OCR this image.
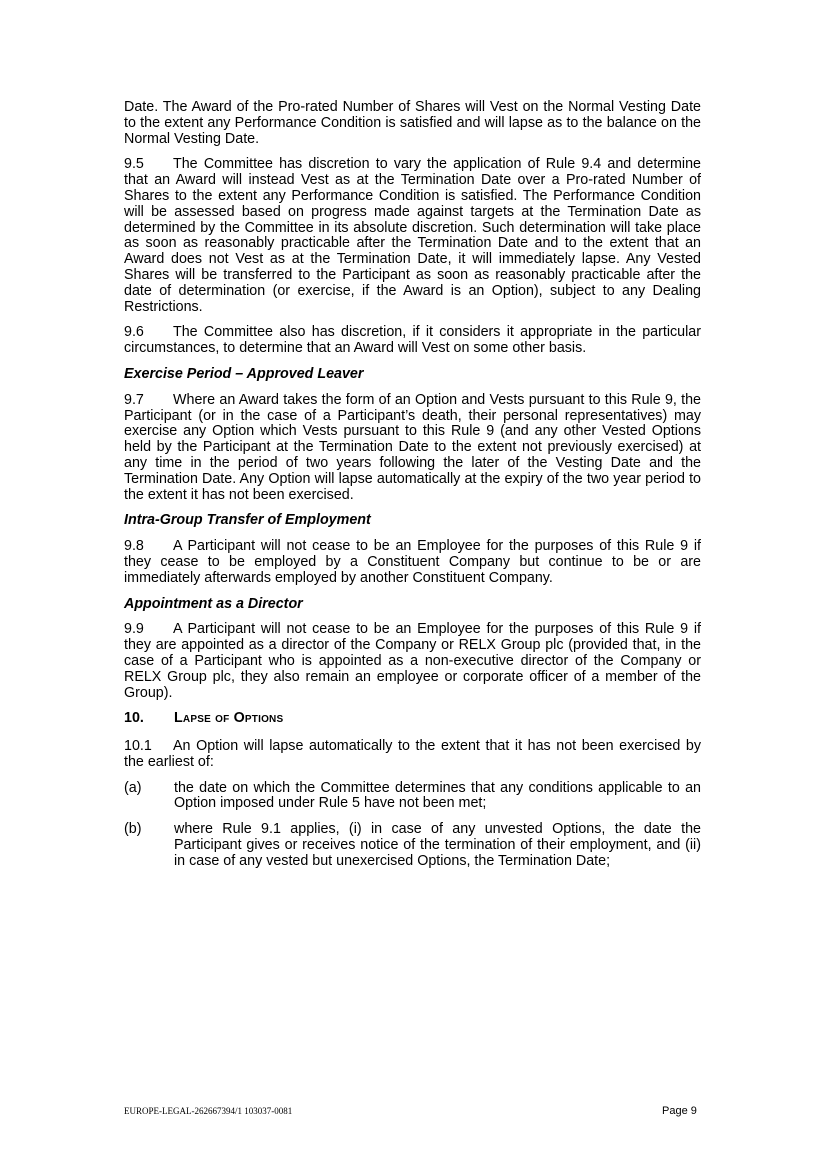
Date. The Award of the Pro-rated Number of Shares will Vest on the Normal Vesting Date to the extent any Performance Condition is satisfied and will lapse as to the balance on the Normal Vesting Date.

9.5 The Committee has discretion to vary the application of Rule 9.4 and determine that an Award will instead Vest as at the Termination Date over a Pro-rated Number of Shares to the extent any Performance Condition is satisfied. The Performance Condition will be assessed based on progress made against targets at the Termination Date as determined by the Committee in its absolute discretion. Such determination will take place as soon as reasonably practicable after the Termination Date and to the extent that an Award does not Vest as at the Termination Date, it will immediately lapse. Any Vested Shares will be transferred to the Participant as soon as reasonably practicable after the date of determination (or exercise, if the Award is an Option), subject to any Dealing Restrictions.

9.6 The Committee also has discretion, if it considers it appropriate in the particular circumstances, to determine that an Award will Vest on some other basis.

Exercise Period – Approved Leaver

9.7 Where an Award takes the form of an Option and Vests pursuant to this Rule 9, the Participant (or in the case of a Participant’s death, their personal representatives) may exercise any Option which Vests pursuant to this Rule 9 (and any other Vested Options held by the Participant at the Termination Date to the extent not previously exercised) at any time in the period of two years following the later of the Vesting Date and the Termination Date. Any Option will lapse automatically at the expiry of the two year period to the extent it has not been exercised.

Intra-Group Transfer of Employment

9.8 A Participant will not cease to be an Employee for the purposes of this Rule 9 if they cease to be employed by a Constituent Company but continue to be or are immediately afterwards employed by another Constituent Company.

Appointment as a Director

9.9 A Participant will not cease to be an Employee for the purposes of this Rule 9 if they are appointed as a director of the Company or RELX Group plc (provided that, in the case of a Participant who is appointed as a non-executive director of the Company or RELX Group plc, they also remain an employee or corporate officer of a member of the Group).

10.	Lapse of Options

10.1 An Option will lapse automatically to the extent that it has not been exercised by the earliest of:

(a)	the date on which the Committee determines that any conditions applicable to an Option imposed under Rule 5 have not been met;
(b)	where Rule 9.1 applies, (i) in case of any unvested Options, the date the Participant gives or receives notice of the termination of their employment, and (ii) in case of any vested but unexercised Options, the Termination Date;
EUROPE-LEGAL-262667394/1 103037-0081	Page 9
